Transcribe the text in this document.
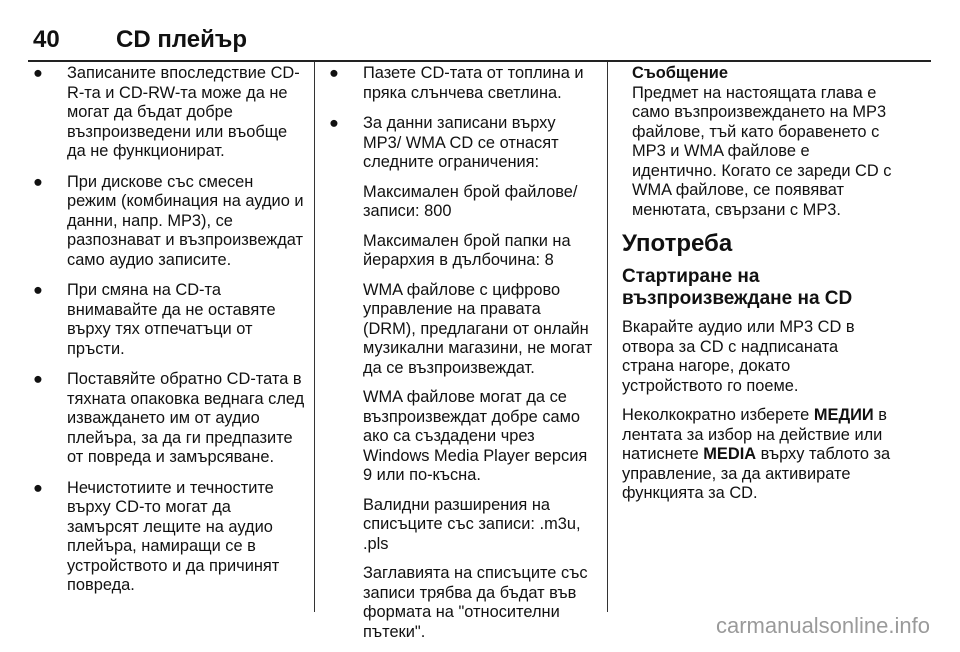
40 CD плейър
● Записаните впоследствие CD-R-та и CD-RW-та може да не могат да бъдат добре възпроизведени или въобще да не функционират.
● При дискове със смесен режим (комбинация на аудио и данни, напр. MP3), се разпознават и възпроизвеждат само аудио записите.
● При смяна на CD-та внимавайте да не оставяте върху тях отпечатъци от пръсти.
● Поставяйте обратно CD-тата в тяхната опаковка веднага след изваждането им от аудио плейъра, за да ги предпазите от повреда и замърсяване.
● Нечистотиите и течностите върху CD-то могат да замърсят лещите на аудио плейъра, намиращи се в устройството и да причинят повреда.
● Пазете CD-тата от топлина и пряка слънчева светлина.
● За данни записани върху MP3/ WMA CD се отнасят следните ограничения:

Максимален брой файлове/ записи: 800

Максимален брой папки на йерархия в дълбочина: 8

WMA файлове с цифрово управление на правата (DRM), предлагани от онлайн музикални магазини, не могат да се възпроизвеждат.

WMA файлове могат да се възпроизвеждат добре само ако са създадени чрез Windows Media Player версия 9 или по-късна.

Валидни разширения на списъците със записи: .m3u, .pls

Заглавията на списъците със записи трябва да бъдат във формата на "относителни пътеки".

Съобщение
Предмет на настоящата глава е само възпроизвеждането на MP3 файлове, тъй като боравенето с MP3 и WMA файлове е идентично. Когато се зареди CD с WMA файлове, се появяват менютата, свързани с MP3.
Употреба
Стартиране на възпроизвеждане на CD

Вкарайте аудио или MP3 CD в отвора за CD с надписаната страна нагоре, докато устройството го поеме.

Неколкократно изберете МЕДИИ в лентата за избор на действие или натиснете MEDIA върху таблото за управление, за да активирате функцията за CD.

carmanualsonline.info
